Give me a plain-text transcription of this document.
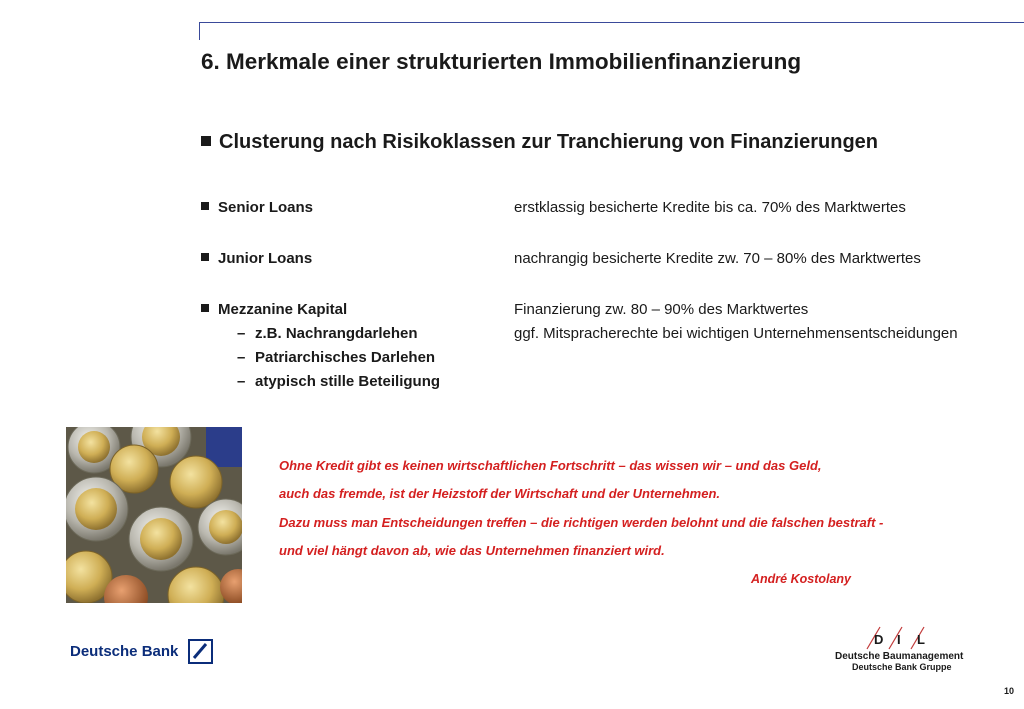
6. Merkmale einer strukturierten Immobilienfinanzierung
Clusterung nach Risikoklassen zur Tranchierung von Finanzierungen
Senior Loans	erstklassig besicherte Kredite bis ca. 70% des Marktwertes
Junior Loans	nachrangig besicherte Kredite zw. 70 – 80% des Marktwertes
Mezzanine Kapital	Finanzierung zw. 80 – 90% des Marktwertes
– z.B. Nachrangdarlehen	ggf. Mitspracherechte bei wichtigen Unternehmensentscheidungen
– Patriarchisches Darlehen
– atypisch stille Beteiligung
Ohne Kredit gibt es keinen wirtschaftlichen Fortschritt – das wissen wir – und das Geld,
auch das fremde, ist der Heizstoff der Wirtschaft und der Unternehmen.
Dazu muss man Entscheidungen treffen – die richtigen werden belohnt und die falschen bestraft -
und viel hängt davon ab, wie das Unternehmen finanziert wird.
André Kostolany
Deutsche Bank
D I L
Deutsche Baumanagement
Deutsche Bank Gruppe
10
